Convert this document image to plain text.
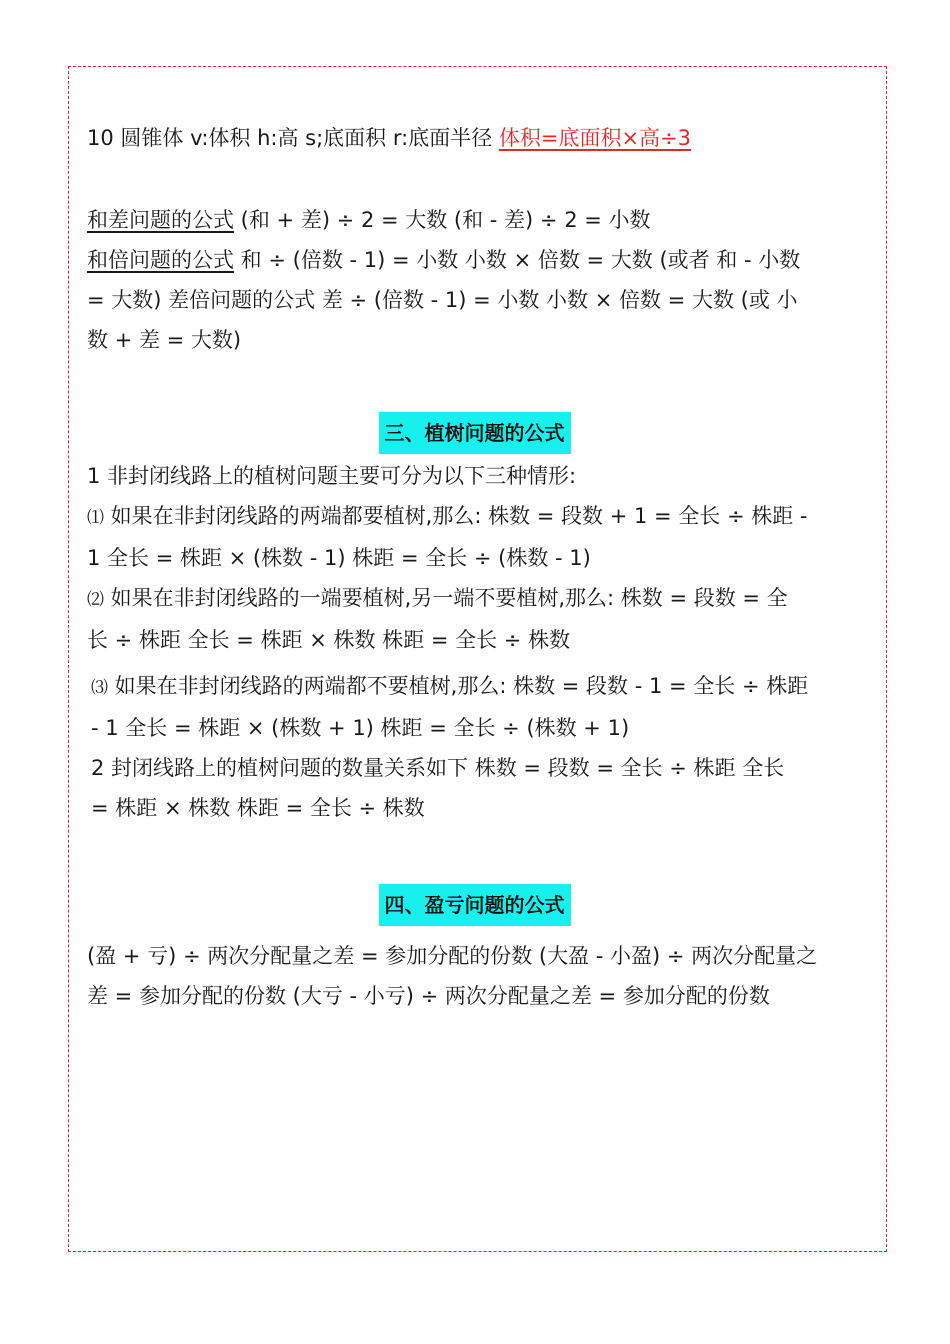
10 圆锥体 v:体积 h:高 s;底面积 r:底面半径 体积=底面积×高÷3

和差问题的公式 (和 + 差) ÷ 2 = 大数 (和 - 差) ÷ 2 = 小数

和倍问题的公式 和 ÷ (倍数 - 1) = 小数 小数 × 倍数 = 大数 (或者 和 - 小数

= 大数) 差倍问题的公式 差 ÷ (倍数 - 1) = 小数 小数 × 倍数 = 大数 (或 小

数 + 差 = 大数)

三、植树问题的公式

1 非封闭线路上的植树问题主要可分为以下三种情形:

⑴ 如果在非封闭线路的两端都要植树,那么: 株数 = 段数 + 1 = 全长 ÷ 株距 -

1 全长 = 株距 × (株数 - 1) 株距 = 全长 ÷ (株数 - 1)

⑵ 如果在非封闭线路的一端要植树,另一端不要植树,那么: 株数 = 段数 = 全

长 ÷ 株距 全长 = 株距 × 株数 株距 = 全长 ÷ 株数

⑶ 如果在非封闭线路的两端都不要植树,那么: 株数 = 段数 - 1 = 全长 ÷ 株距

- 1 全长 = 株距 × (株数 + 1) 株距 = 全长 ÷ (株数 + 1)

2 封闭线路上的植树问题的数量关系如下 株数 = 段数 = 全长 ÷ 株距 全长

= 株距 × 株数 株距 = 全长 ÷ 株数

四、盈亏问题的公式

(盈 + 亏) ÷ 两次分配量之差 = 参加分配的份数 (大盈 - 小盈) ÷ 两次分配量之

差 = 参加分配的份数 (大亏 - 小亏) ÷ 两次分配量之差 = 参加分配的份数
